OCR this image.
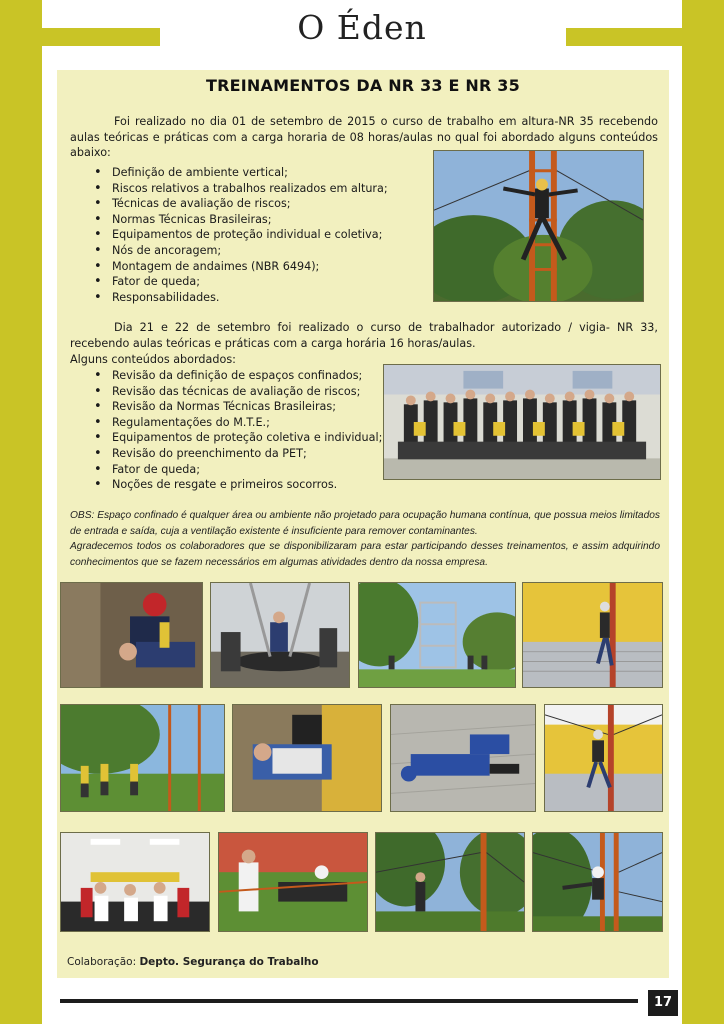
O Éden
TREINAMENTOS DA NR 33 E NR 35

Foi realizado no dia 01 de setembro de 2015 o curso de trabalho em altura-NR 35 recebendo aulas teóricas e práticas com a carga horaria de 08 horas/aulas no qual foi abordado alguns conteúdos abaixo:

• Definição de ambiente vertical;
• Riscos relativos a trabalhos realizados em altura;
• Técnicas de avaliação de riscos;
• Normas Técnicas Brasileiras;
• Equipamentos de proteção individual e coletiva;
• Nós de ancoragem;
• Montagem de andaimes (NBR 6494);
• Fator de queda;
• Responsabilidades.

Dia 21 e 22 de setembro foi realizado o curso de trabalhador autorizado / vigia- NR 33, recebendo aulas teóricas e práticas com a carga horária 16 horas/aulas.

Alguns conteúdos abordados:
• Revisão da definição de espaços confinados;
• Revisão das técnicas de avaliação de riscos;
• Revisão da Normas Técnicas Brasileiras;
• Regulamentações do M.T.E.;
• Equipamentos de proteção coletiva e individual;
• Revisão do preenchimento da PET;
• Fator de queda;
• Noções de resgate e primeiros socorros.

OBS: Espaço confinado é qualquer área ou ambiente não projetado para ocupação humana contínua, que possua meios limitados de entrada e saída, cuja a ventilação existente é insuficiente para remover contaminantes.
Agradecemos todos os colaboradores que se disponibilizaram para estar participando desses treinamentos, e assim adquirindo conhecimentos que se fazem necessários em algumas atividades dentro da nossa empresa.

Colaboração: Depto. Segurança do Trabalho
17
